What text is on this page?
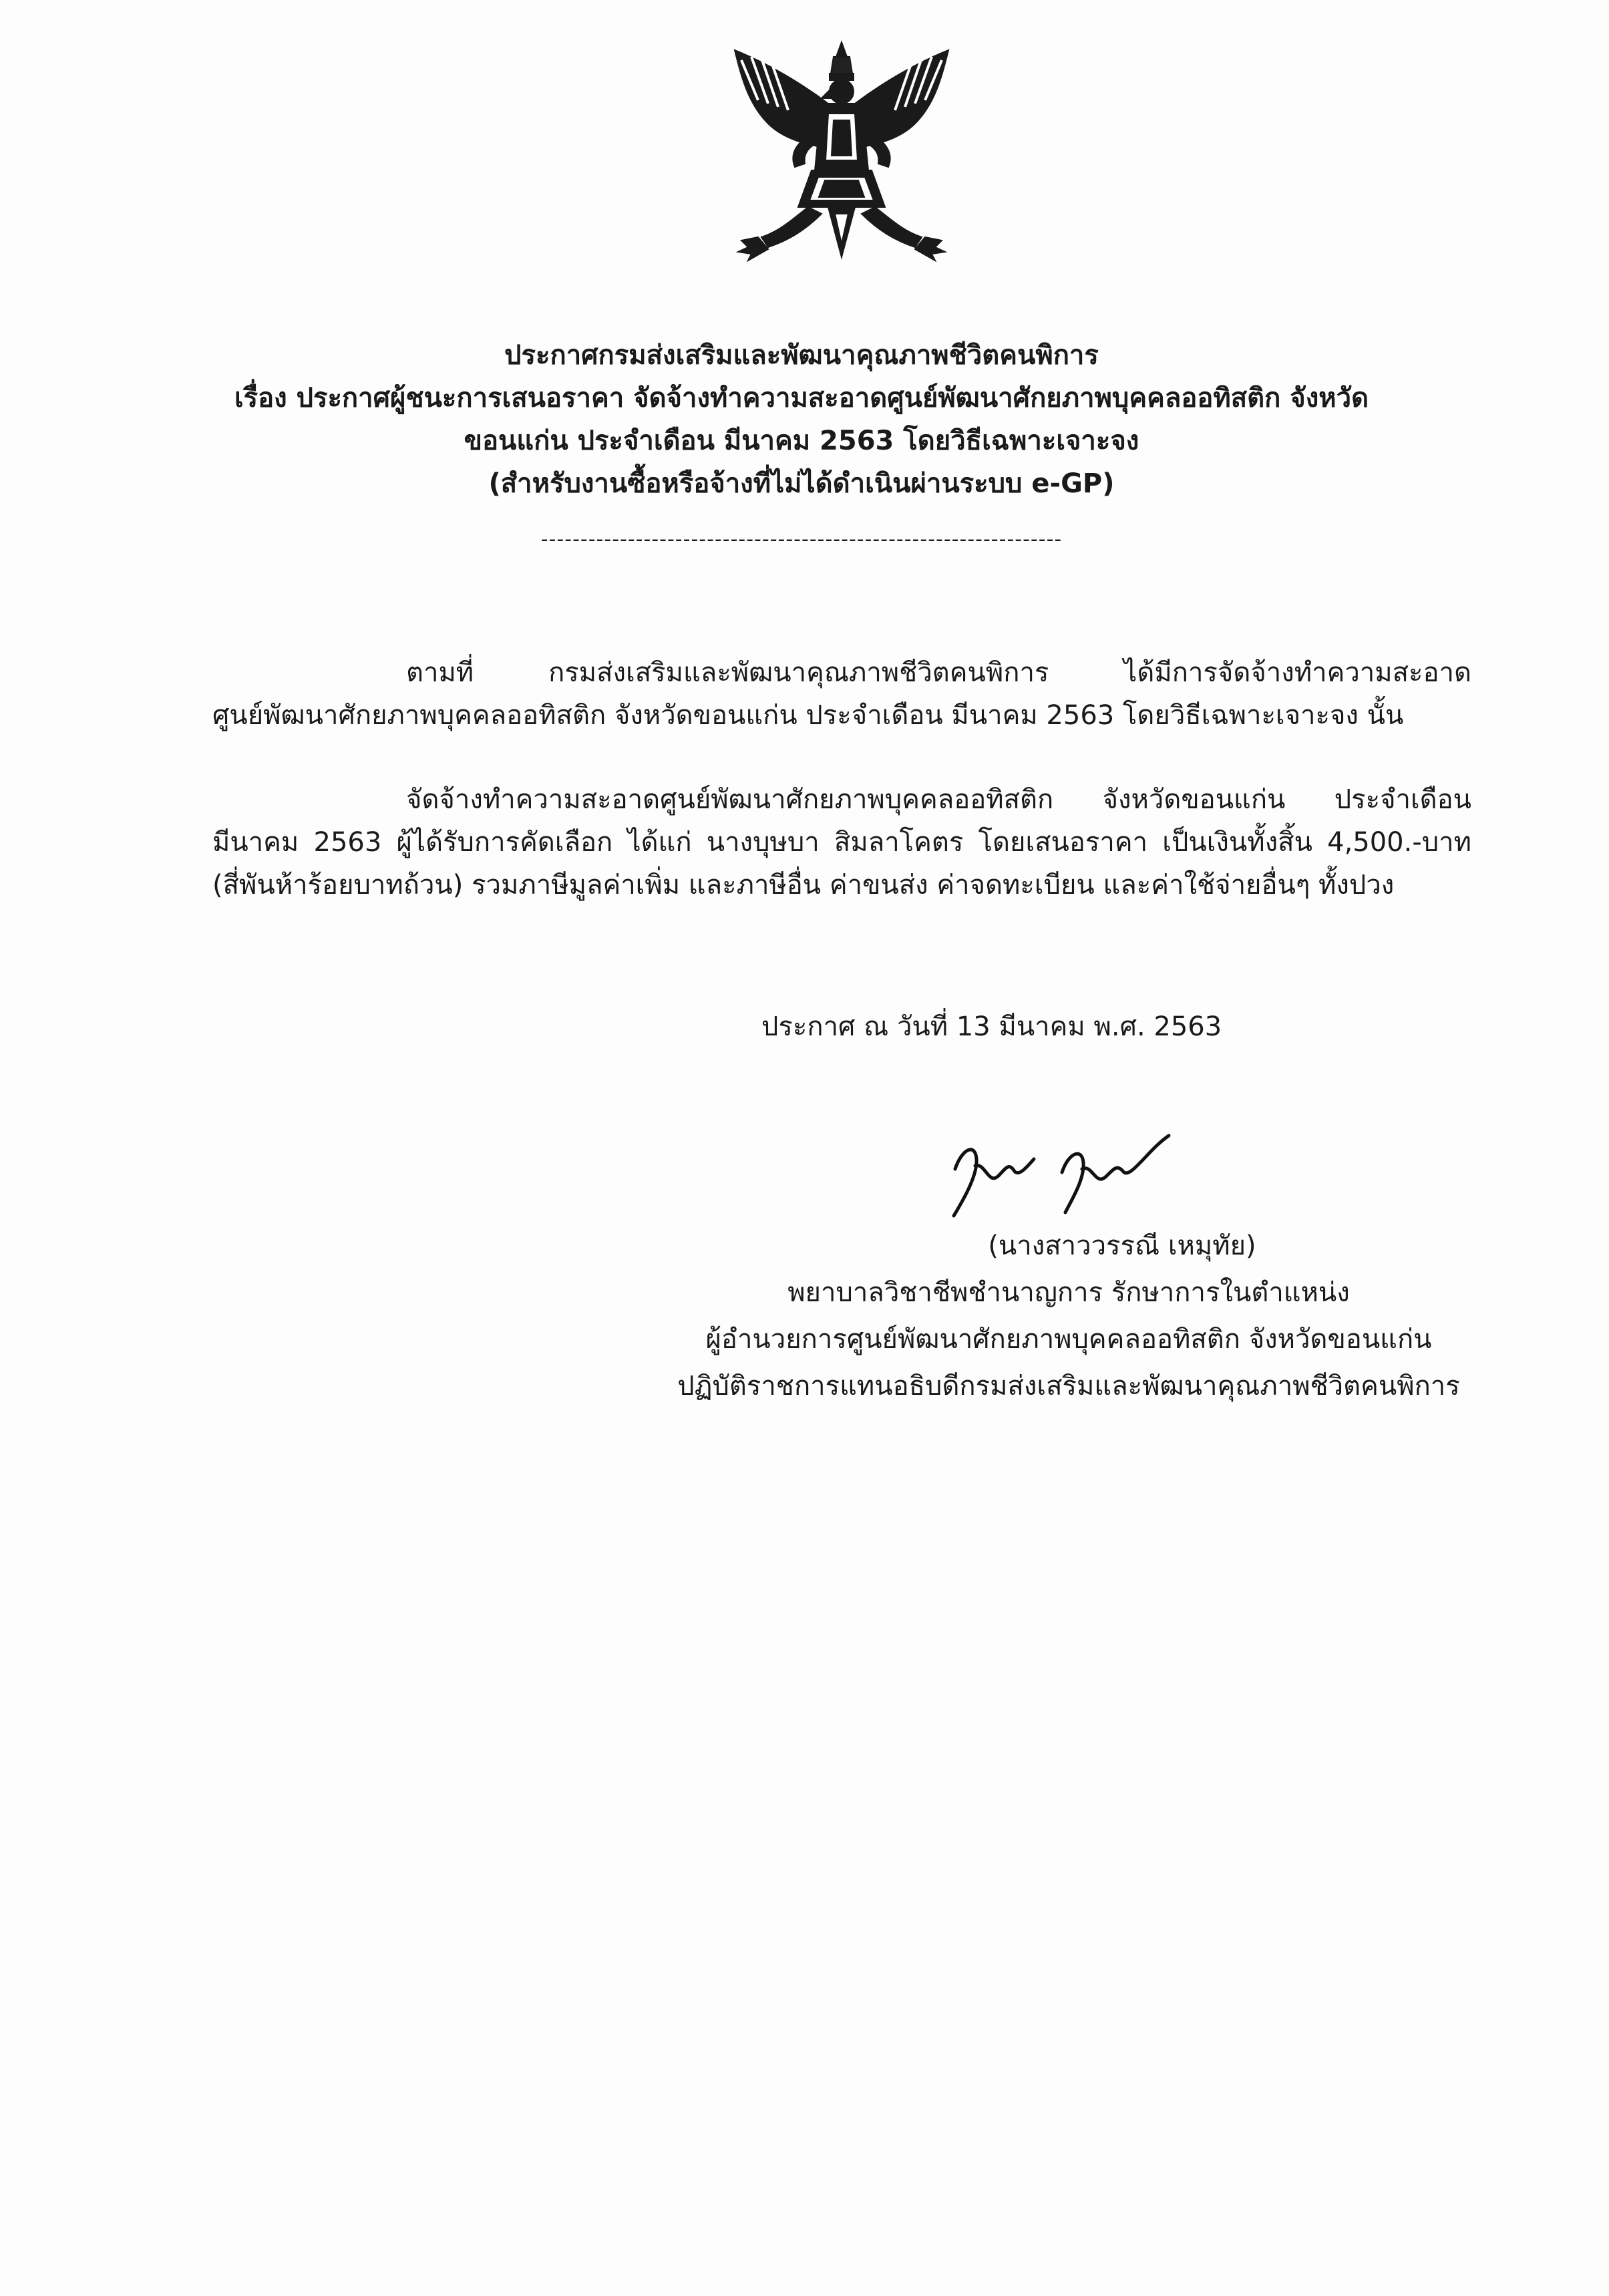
ประกาศกรมส่งเสริมและพัฒนาคุณภาพชีวิตคนพิการ
เรื่อง ประกาศผู้ชนะการเสนอราคา จัดจ้างทำความสะอาดศูนย์พัฒนาศักยภาพบุคคลออทิสติก จังหวัด
ขอนแก่น ประจำเดือน มีนาคม 2563 โดยวิธีเฉพาะเจาะจง
(สำหรับงานซื้อหรือจ้างที่ไม่ได้ดำเนินผ่านระบบ e-GP)
------------------------------------------------------------------
ตามที่ กรมส่งเสริมและพัฒนาคุณภาพชีวิตคนพิการ ได้มีการจัดจ้างทำความสะอาด
ศูนย์พัฒนาศักยภาพบุคคลออทิสติก จังหวัดขอนแก่น ประจำเดือน มีนาคม 2563 โดยวิธีเฉพาะเจาะจง นั้น
จัดจ้างทำความสะอาดศูนย์พัฒนาศักยภาพบุคคลออทิสติก จังหวัดขอนแก่น ประจำเดือน
มีนาคม 2563 ผู้ได้รับการคัดเลือก ได้แก่ นางบุษบา สิมลาโคตร โดยเสนอราคา เป็นเงินทั้งสิ้น 4,500.-บาท
(สี่พันห้าร้อยบาทถ้วน) รวมภาษีมูลค่าเพิ่ม และภาษีอื่น ค่าขนส่ง ค่าจดทะเบียน และค่าใช้จ่ายอื่นๆ ทั้งปวง
ประกาศ ณ วันที่ 13 มีนาคม พ.ศ. 2563
(นางสาววรรณี เหมุทัย)
พยาบาลวิชาชีพชำนาญการ รักษาการในตำแหน่ง
ผู้อำนวยการศูนย์พัฒนาศักยภาพบุคคลออทิสติก จังหวัดขอนแก่น
ปฏิบัติราชการแทนอธิบดีกรมส่งเสริมและพัฒนาคุณภาพชีวิตคนพิการ
